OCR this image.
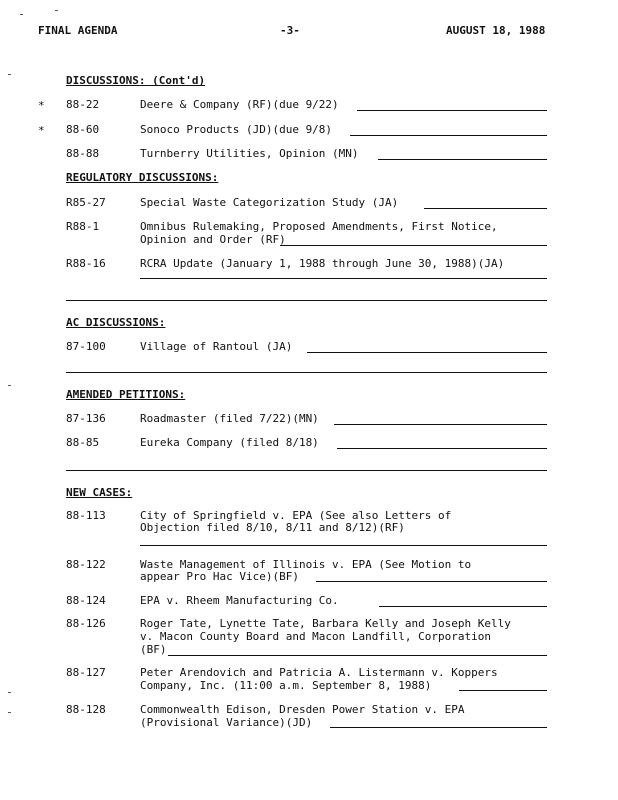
FINAL AGENDA	-3-	AUGUST 18, 1988
DISCUSSIONS: (Cont'd)
* 88-22	Deere & Company (RF)(due 9/22)
* 88-60	Sonoco Products (JD)(due 9/8)
88-88	Turnberry Utilities, Opinion (MN)
REGULATORY DISCUSSIONS:
R85-27	Special Waste Categorization Study (JA)
R88-1	Omnibus Rulemaking, Proposed Amendments, First Notice,
Opinion and Order (RF)
R88-16	RCRA Update (January 1, 1988 through June 30, 1988)(JA)
AC DISCUSSIONS:
87-100	Village of Rantoul (JA)
AMENDED PETITIONS:
87-136	Roadmaster (filed 7/22)(MN)
88-85	Eureka Company (filed 8/18)
NEW CASES:
88-113	City of Springfield v. EPA (See also Letters of
Objection filed 8/10, 8/11 and 8/12)(RF)
88-122	Waste Management of Illinois v. EPA (See Motion to
appear Pro Hac Vice)(BF)
88-124	EPA v. Rheem Manufacturing Co.
88-126	Roger Tate, Lynette Tate, Barbara Kelly and Joseph Kelly
v. Macon County Board and Macon Landfill, Corporation
(BF)
88-127	Peter Arendovich and Patricia A. Listermann v. Koppers
Company, Inc. (11:00 a.m. September 8, 1988)
88-128	Commonwealth Edison, Dresden Power Station v. EPA
(Provisional Variance)(JD)
